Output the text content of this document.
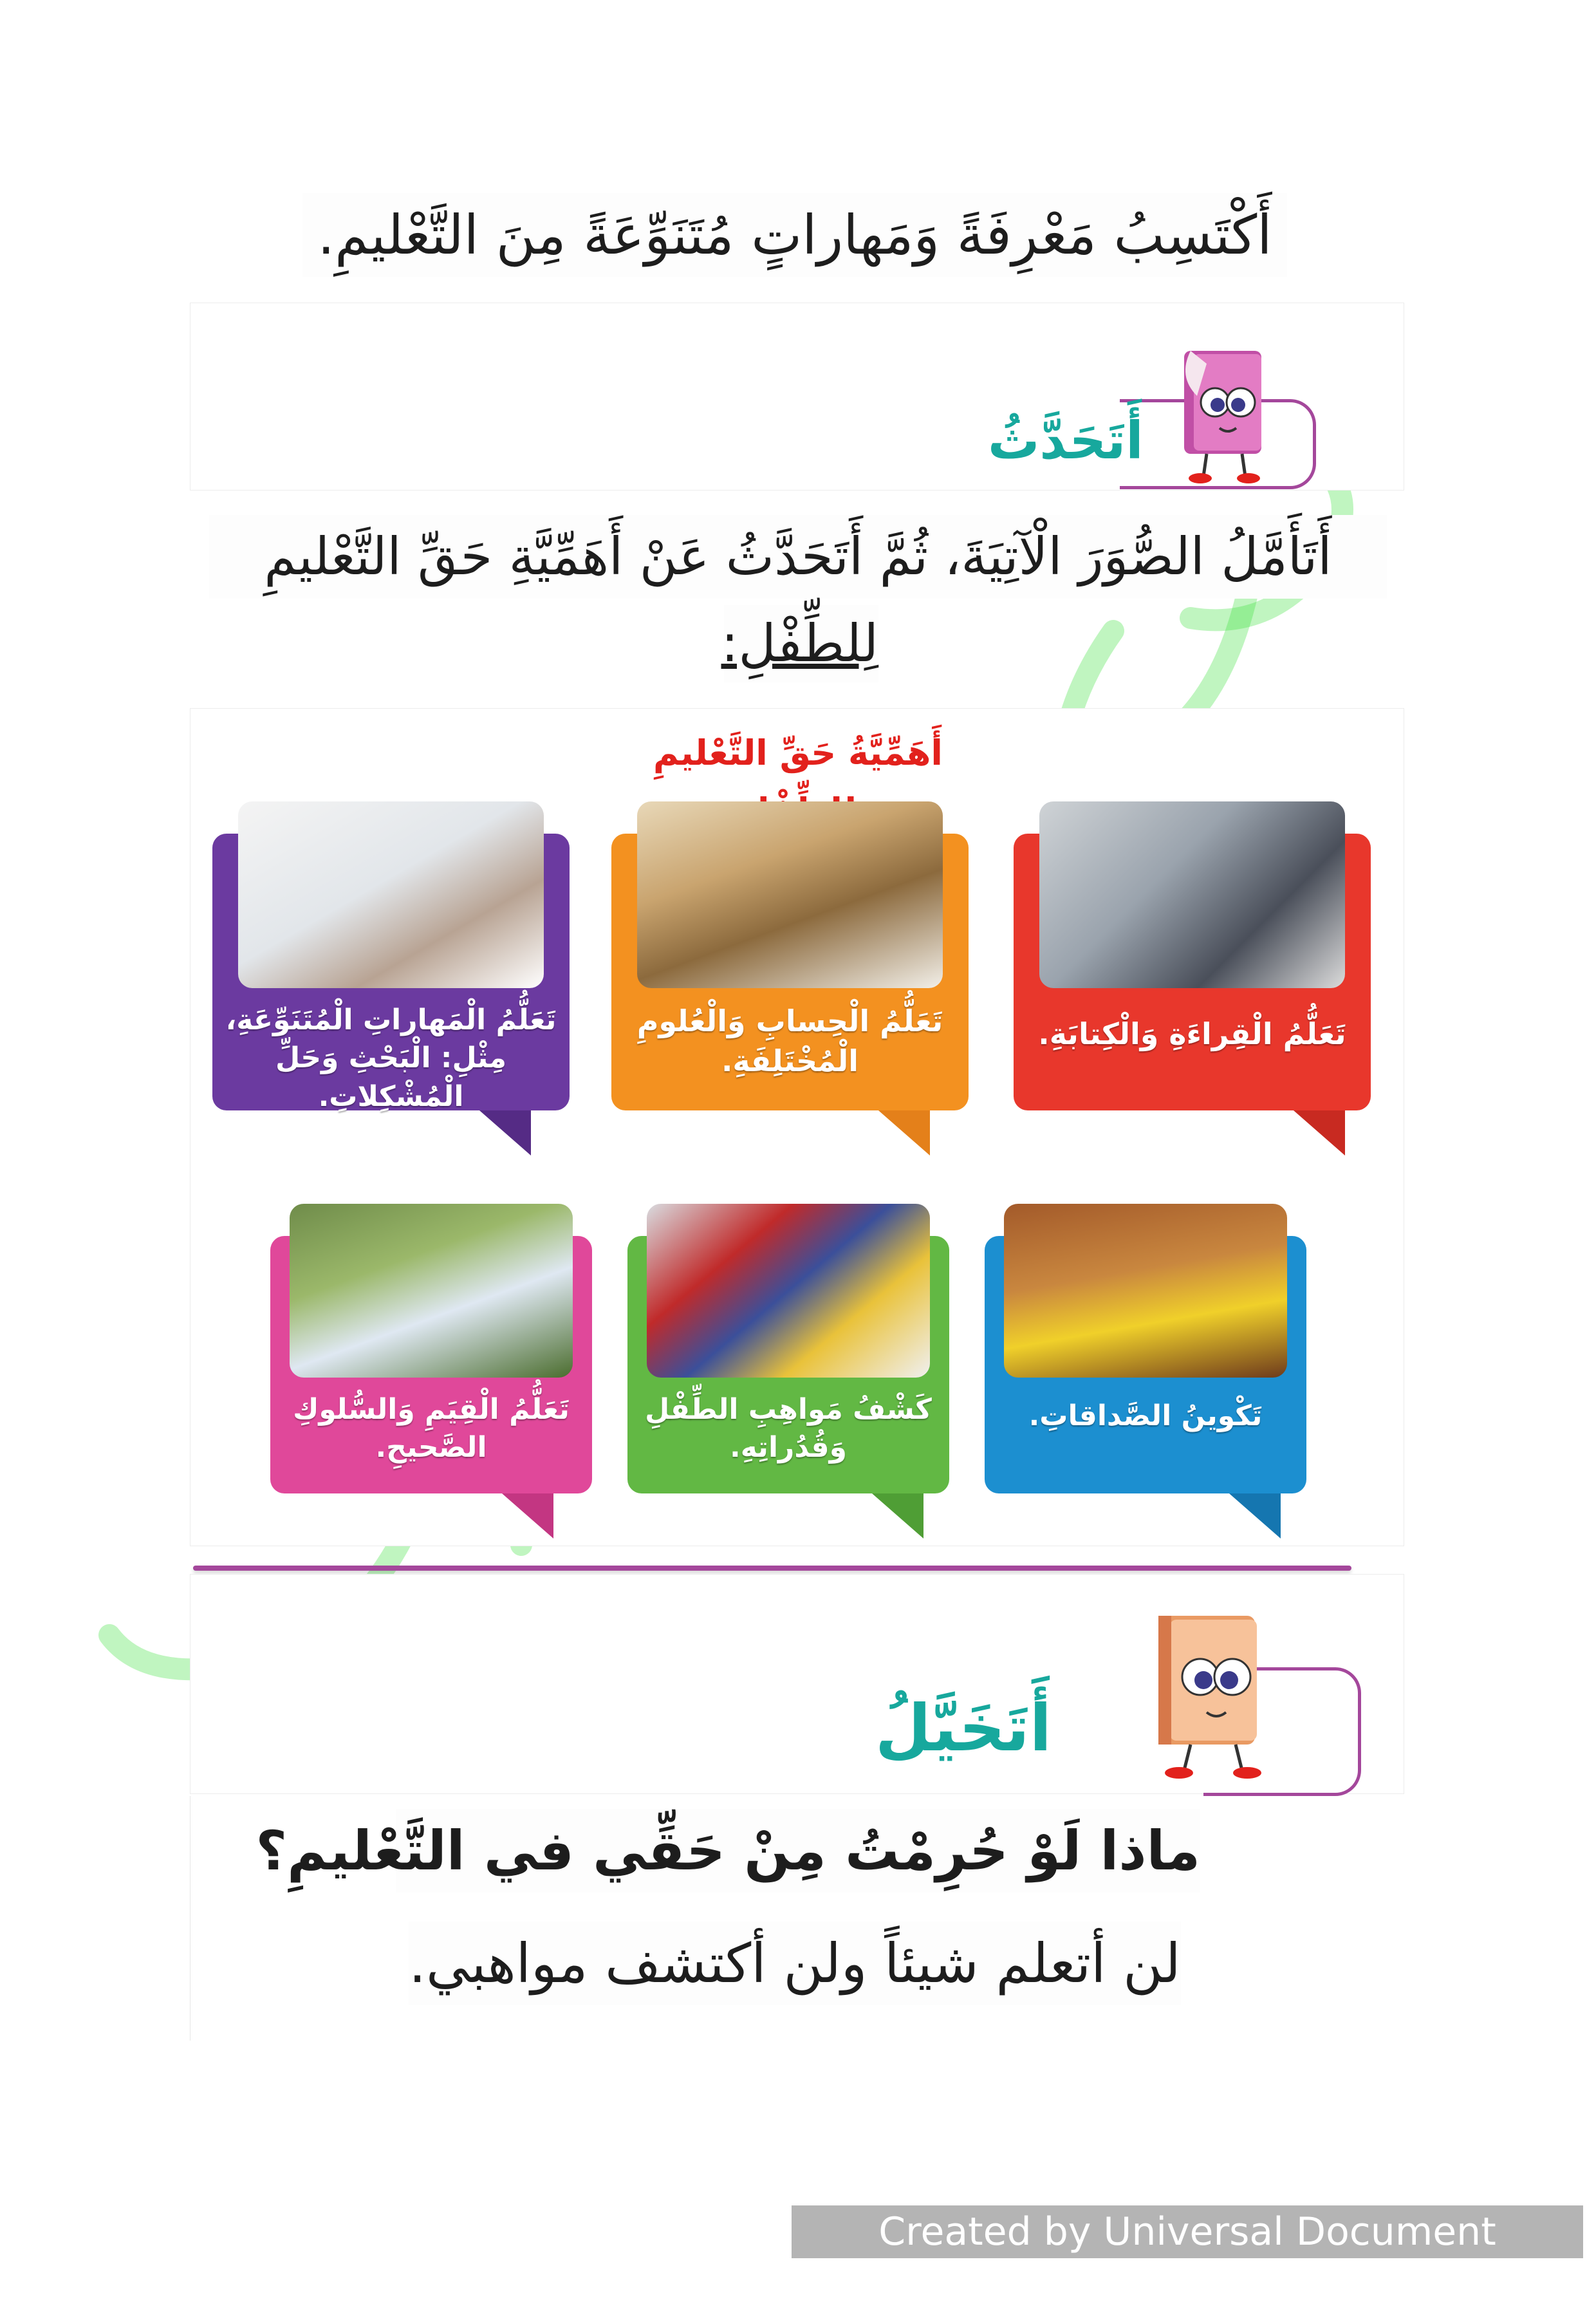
أَكْتَسِبُ مَعْرِفَةً وَمَهاراتٍ مُتَنَوِّعَةً مِنَ التَّعْليمِ.
أَتَحَدَّثُ
أَتَأَمَّلُ الصُّوَرَ الْآتِيَةَ، ثُمَّ أَتَحَدَّثُ عَنْ أَهَمِّيَّةِ حَقِّ التَّعْليمِ
لِلطِّفْلِ:
أَهَمِّيَّةُ حَقِّ التَّعْليمِ
تَعَلُّمُ الْقِراءَةِ وَالْكِتابَةِ.
تَعَلُّمُ الْحِسابِ وَالْعُلومِ الْمُخْتَلِفَةِ.
تَعَلُّمُ الْمَهاراتِ الْمُتَنَوِّعَةِ، مِثْلِ: الْبَحْثِ وَحَلِّ الْمُشْكِلاتِ.
تَكْوينُ الصَّداقاتِ.
كَشْفُ مَواهِبِ الطِّفْلِ وَقُدُراتِهِ.
تَعَلُّمُ الْقِيَمِ وَالسُّلوكِ الصَّحيحِ.
أَتَخَيَّلُ
ماذا لَوْ حُرِمْتُ مِنْ حَقِّي في التَّعْليمِ؟
لن أتعلم شيئاً ولن أكتشف مواهبي.
Created by Universal Document Converter
